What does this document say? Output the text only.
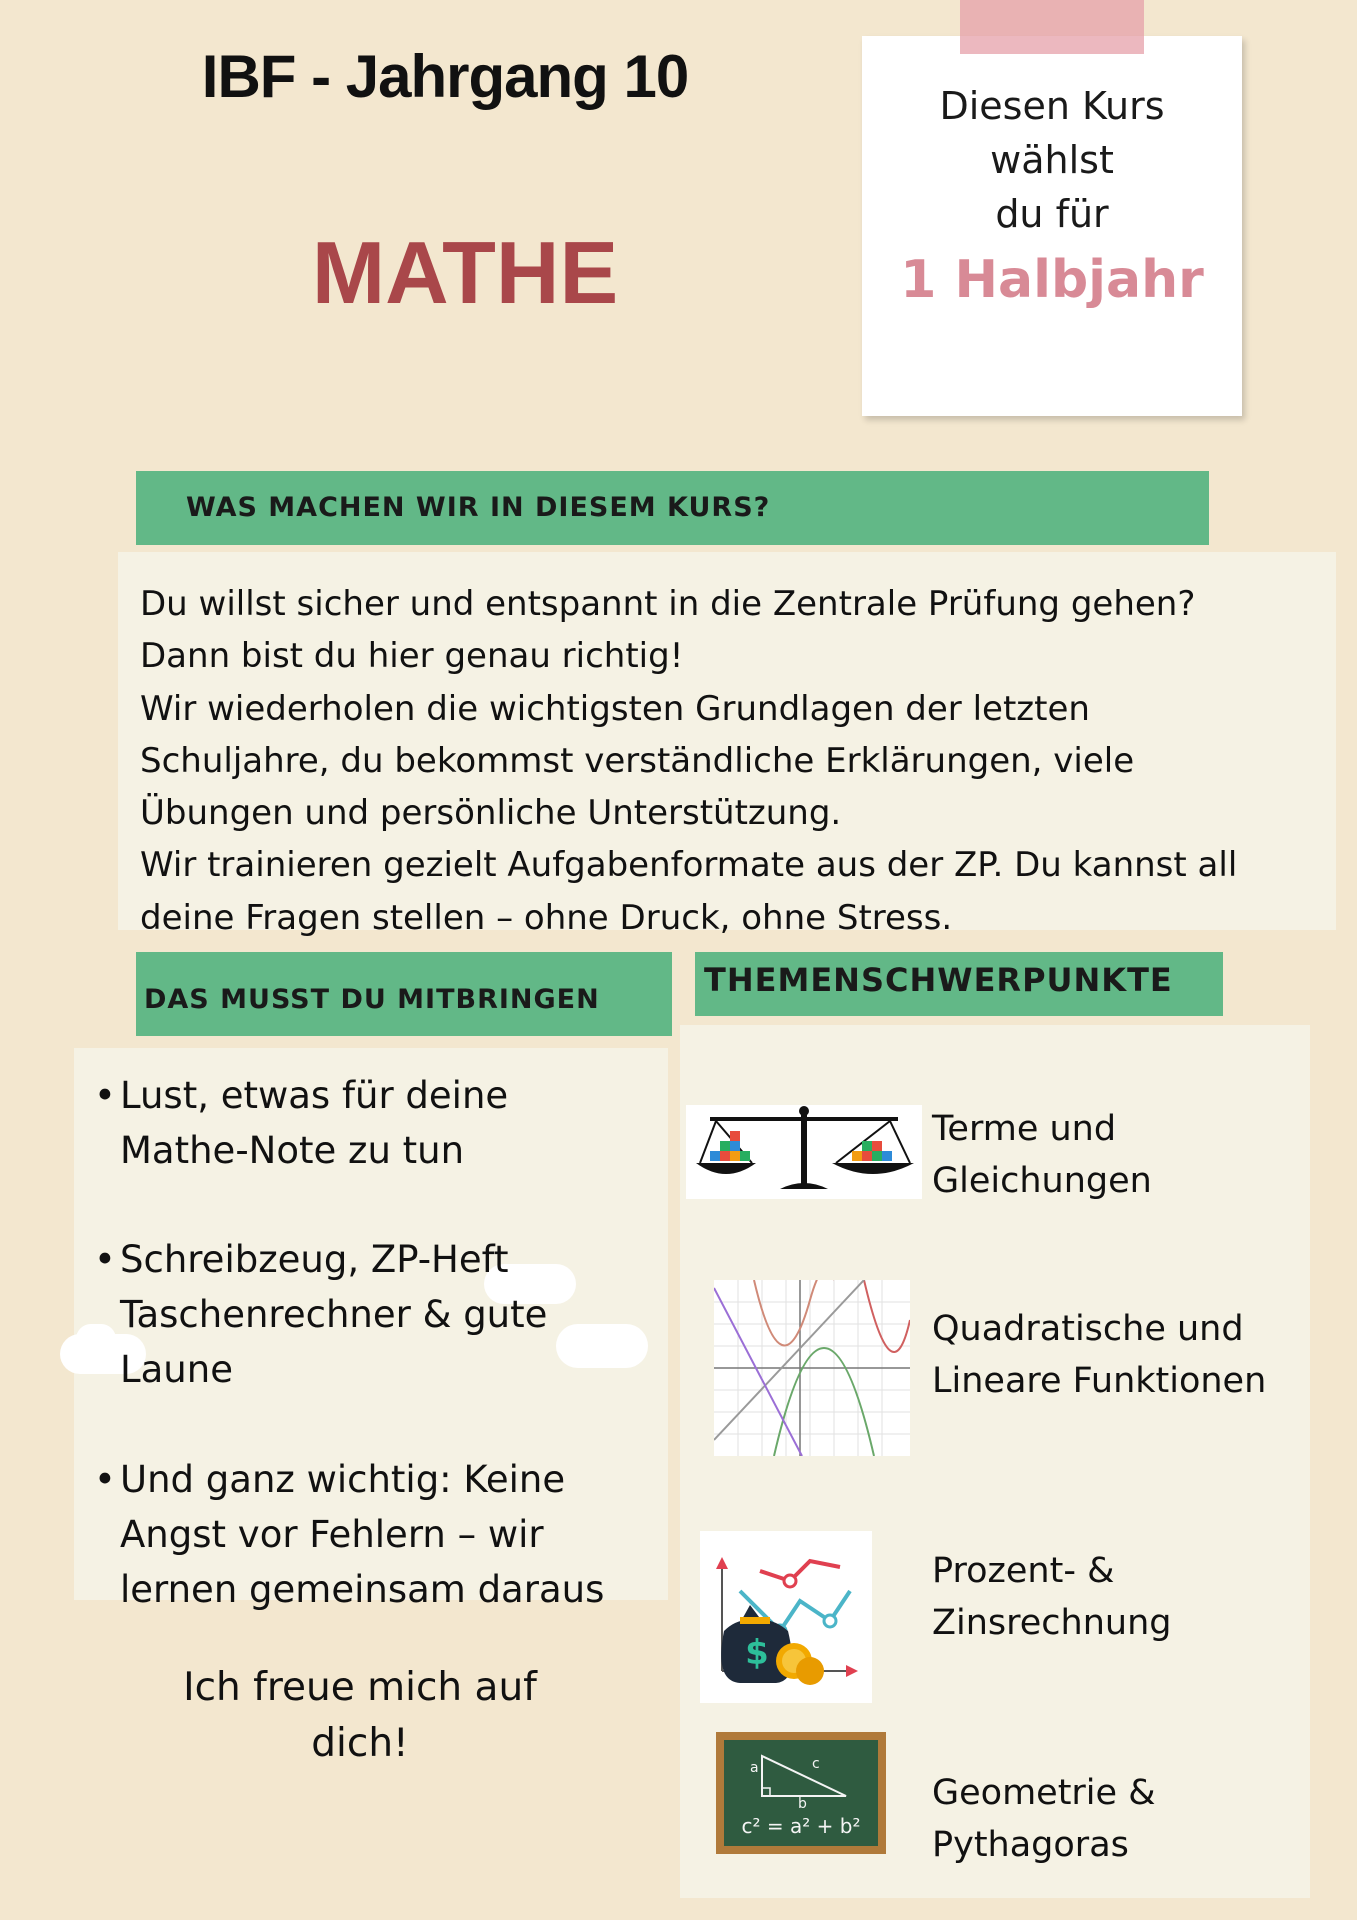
IBF - Jahrgang 10
MATHE
Diesen Kurs
wählst
du für
1 Halbjahr
WAS MACHEN WIR IN DIESEM KURS?
Du willst sicher und entspannt in die Zentrale Prüfung gehen?
Dann bist du hier genau richtig!
Wir wiederholen die wichtigsten Grundlagen der letzten
Schuljahre, du bekommst verständliche Erklärungen, viele
Übungen und persönliche Unterstützung.
Wir trainieren gezielt Aufgabenformate aus der ZP. Du kannst all
deine Fragen stellen – ohne Druck, ohne Stress.
DAS MUSST DU MITBRINGEN
THEMENSCHWERPUNKTE
• Lust, etwas für deine
Mathe-Note zu tun
• Schreibzeug, ZP-Heft
Taschenrechner & gute
Laune
• Und ganz wichtig: Keine
Angst vor Fehlern – wir
lernen gemeinsam daraus
Ich freue mich auf
dich!
Terme und
Gleichungen
Quadratische und
Lineare Funktionen
$
Prozent- &
Zinsrechnung
a	c
b
c² = a² + b²
Geometrie &
Pythagoras
